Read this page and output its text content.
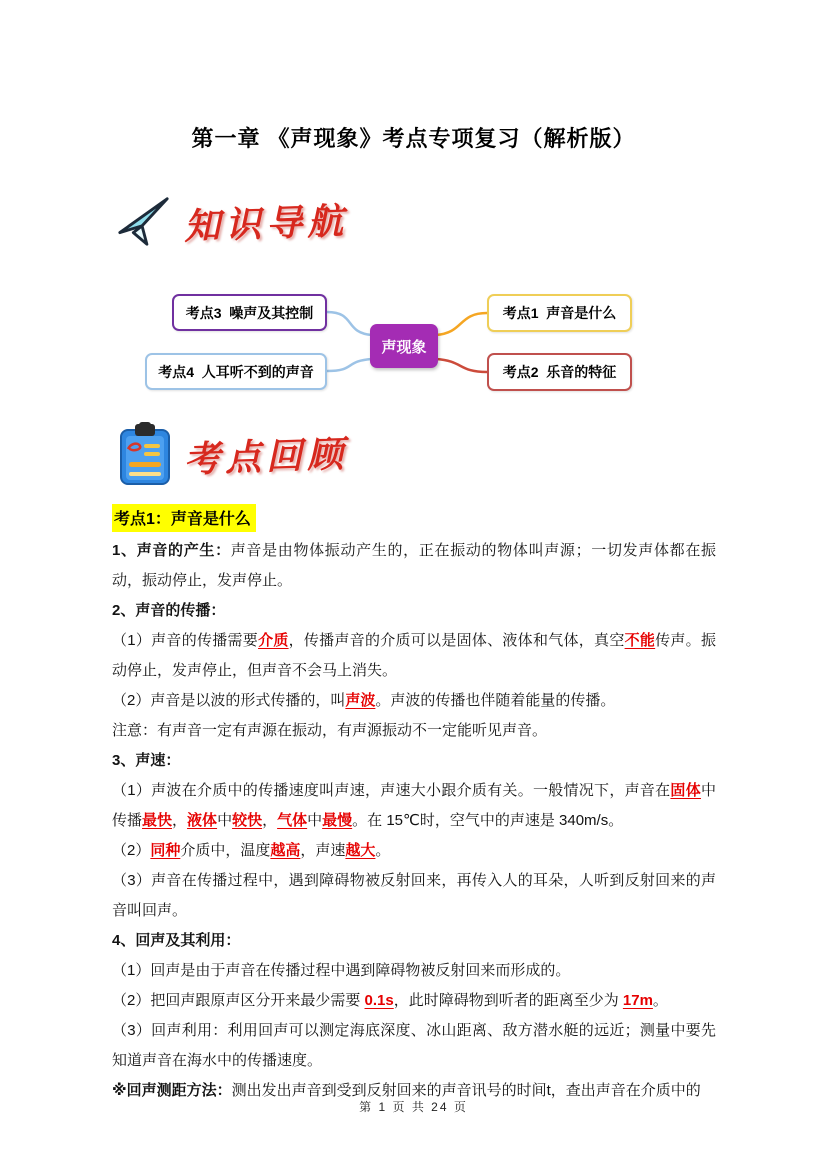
第一章 《声现象》考点专项复习（解析版）
知识导航
考点3  噪声及其控制
考点4  人耳听不到的声音
声现象
考点1  声音是什么
考点2  乐音的特征
考点回顾
考点1：声音是什么

1、声音的产生：声音是由物体振动产生的，正在振动的物体叫声源；一切发声体都在振动，振动停止，发声停止。

2、声音的传播：

（1）声音的传播需要介质，传播声音的介质可以是固体、液体和气体，真空不能传声。振动停止，发声停止，但声音不会马上消失。

（2）声音是以波的形式传播的，叫声波。声波的传播也伴随着能量的传播。

注意：有声音一定有声源在振动，有声源振动不一定能听见声音。

3、声速：

（1）声波在介质中的传播速度叫声速，声速大小跟介质有关。一般情况下，声音在固体中传播最快，液体中较快，气体中最慢。在 15℃时，空气中的声速是 340m/s。

（2）同种介质中，温度越高，声速越大。

（3）声音在传播过程中，遇到障碍物被反射回来，再传入人的耳朵，人听到反射回来的声音叫回声。

4、回声及其利用：

（1）回声是由于声音在传播过程中遇到障碍物被反射回来而形成的。

（2）把回声跟原声区分开来最少需要 0.1s，此时障碍物到听者的距离至少为 17m。

（3）回声利用：利用回声可以测定海底深度、冰山距离、敌方潜水艇的远近；测量中要先知道声音在海水中的传播速度。

※回声测距方法：测出发出声音到受到反射回来的声音讯号的时间t，查出声音在介质中的

第 1 页 共 24 页
